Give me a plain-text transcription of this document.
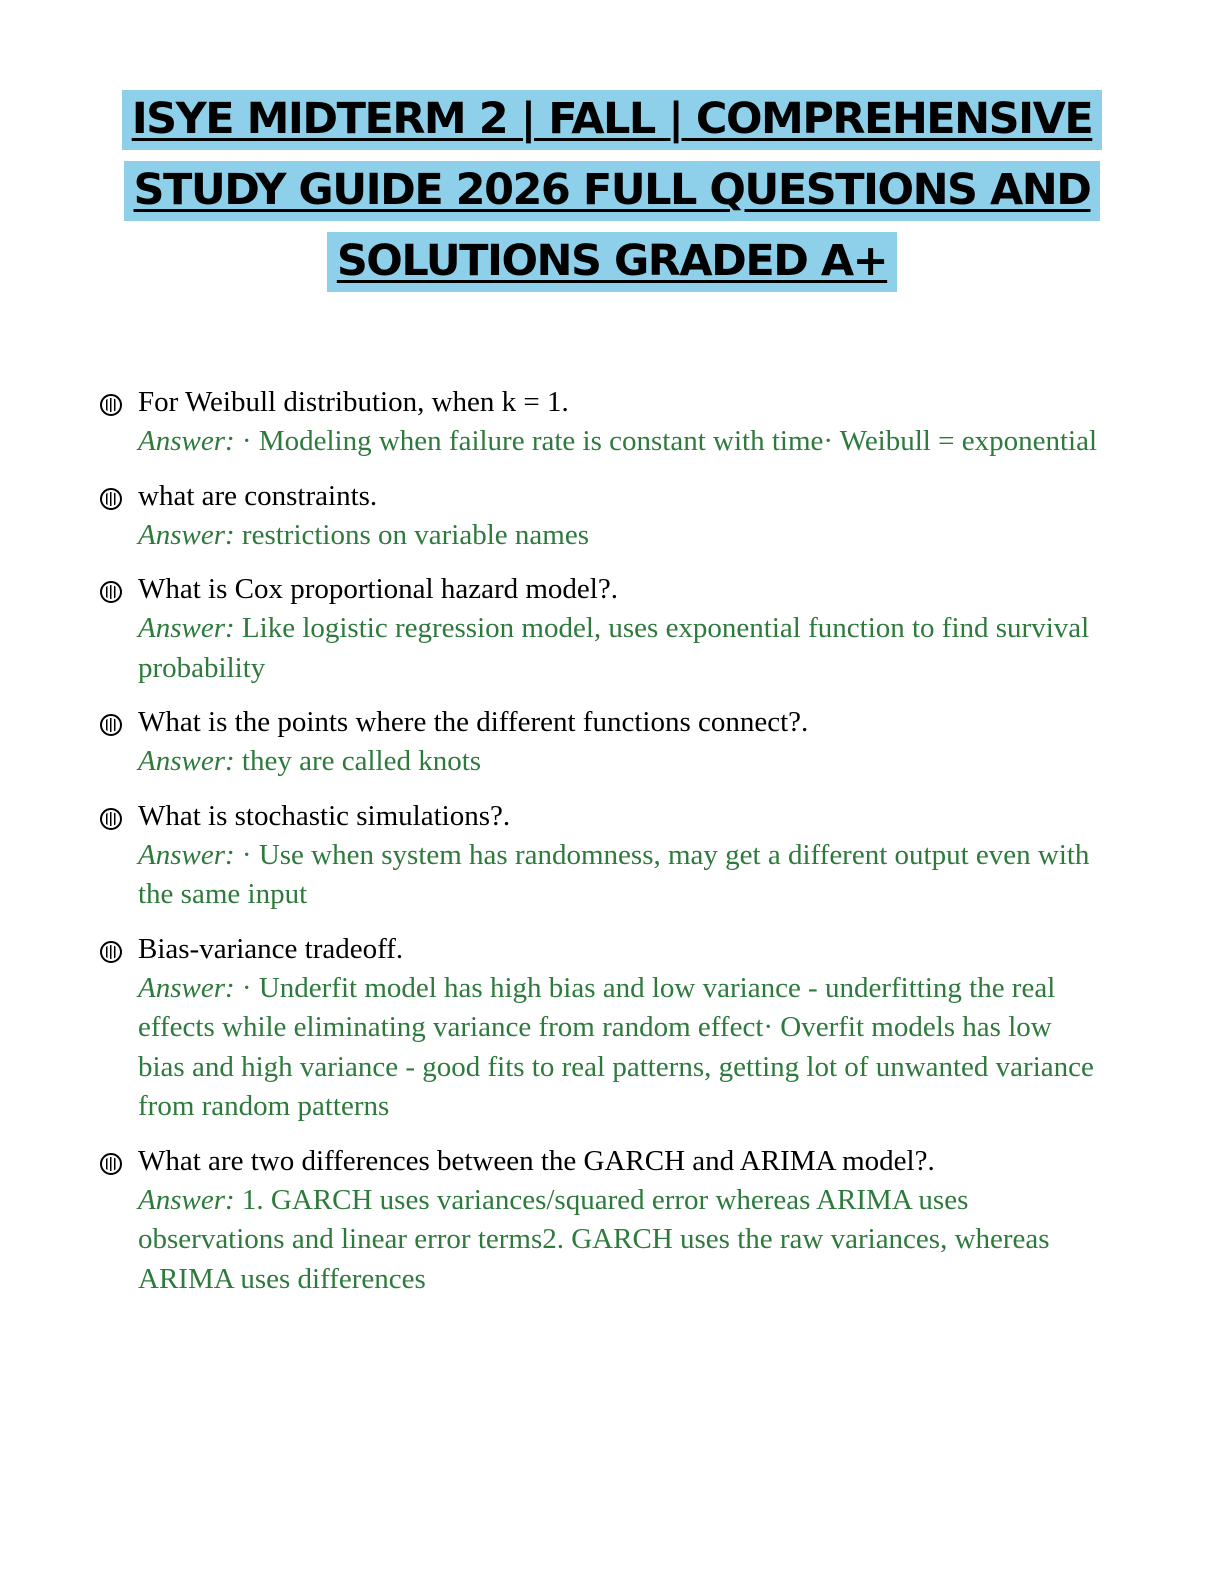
ISYE MIDTERM 2 | FALL | COMPREHENSIVE
STUDY GUIDE 2026 FULL QUESTIONS AND
SOLUTIONS GRADED A+
For Weibull distribution, when k = 1.
Answer: · Modeling when failure rate is constant with time· Weibull = exponential
what are constraints.
Answer: restrictions on variable names
What is Cox proportional hazard model?.
Answer: Like logistic regression model, uses exponential function to find survival probability
What is the points where the different functions connect?.
Answer: they are called knots
What is stochastic simulations?.
Answer: · Use when system has randomness, may get a different output even with the same input
Bias-variance tradeoff.
Answer: · Underfit model has high bias and low variance - underfitting the real effects while eliminating variance from random effect· Overfit models has low bias and high variance - good fits to real patterns, getting lot of unwanted variance from random patterns
What are two differences between the GARCH and ARIMA model?.
Answer: 1. GARCH uses variances/squared error whereas ARIMA uses observations and linear error terms2. GARCH uses the raw variances, whereas ARIMA uses differences
